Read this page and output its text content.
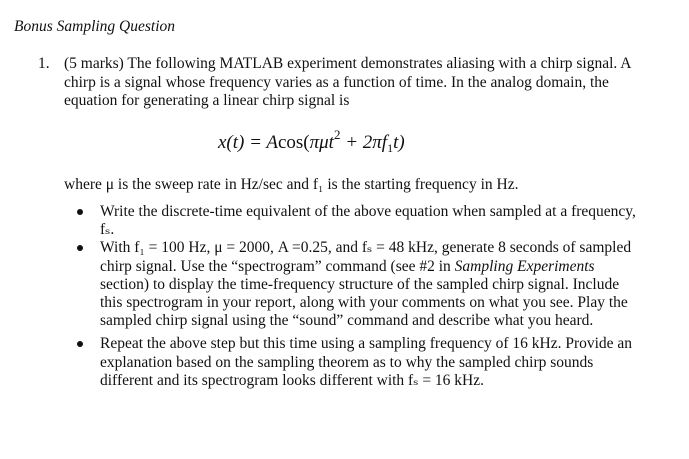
Bonus Sampling Question
1. (5 marks) The following MATLAB experiment demonstrates aliasing with a chirp signal. A chirp is a signal whose frequency varies as a function of time. In the analog domain, the equation for generating a linear chirp signal is
$x(t) = Acos(\pi\mu t^2 + 2\pi f_1t)$
where μ is the sweep rate in Hz/sec and f₁ is the starting frequency in Hz.
Write the discrete-time equivalent of the above equation when sampled at a frequency, fₛ.
With f₁ = 100 Hz, μ = 2000, A =0.25, and fₛ = 48 kHz, generate 8 seconds of sampled chirp signal. Use the “spectrogram” command (see #2 in Sampling Experiments section) to display the time-frequency structure of the sampled chirp signal. Include this spectrogram in your report, along with your comments on what you see. Play the sampled chirp signal using the “sound” command and describe what you heard.
Repeat the above step but this time using a sampling frequency of 16 kHz. Provide an explanation based on the sampling theorem as to why the sampled chirp sounds different and its spectrogram looks different with fₛ = 16 kHz.
